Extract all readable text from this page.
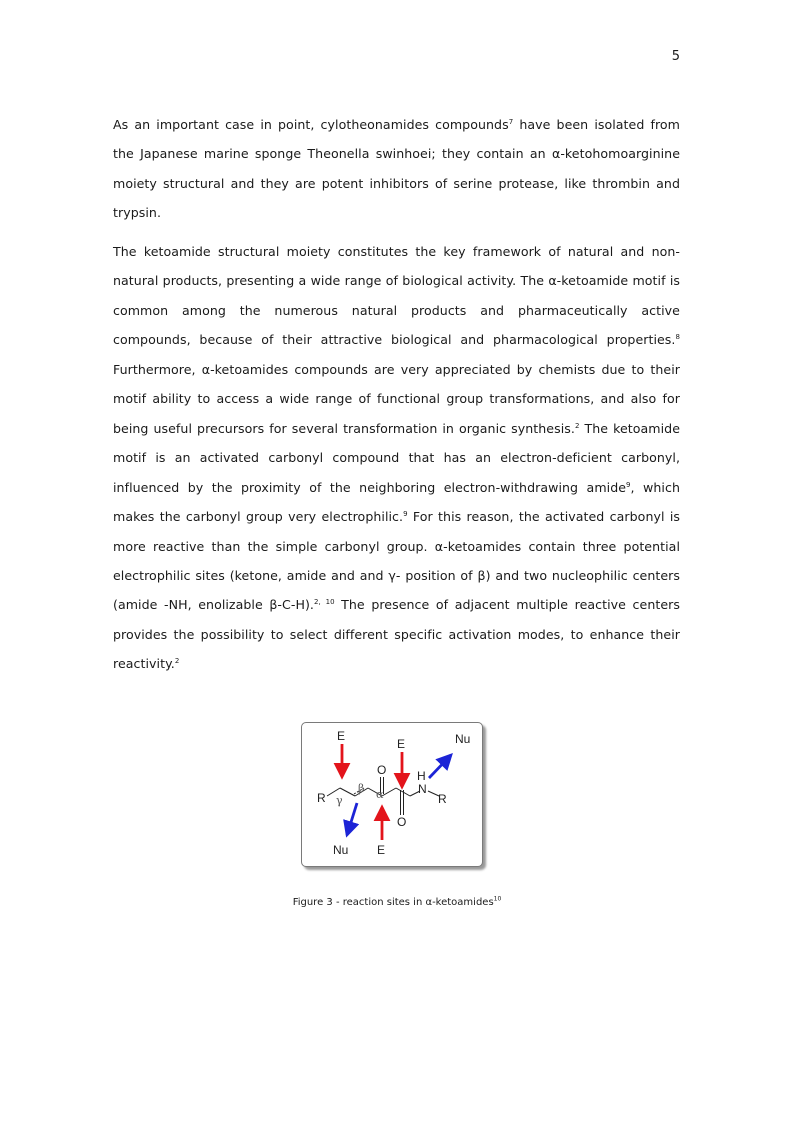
5

As an important case in point, cylotheonamides compounds$^7$ have been isolated from the Japanese marine sponge Theonella swinhoei; they contain an α-ketohomoarginine moiety structural and they are potent inhibitors of serine protease, like thrombin and trypsin.

The ketoamide structural moiety constitutes the key framework of natural and non-natural products, presenting a wide range of biological activity. The α-ketoamide motif is common among the numerous natural products and pharmaceutically active compounds, because of their attractive biological and pharmacological properties.$^8$ Furthermore, α-ketoamides compounds are very appreciated by chemists due to their motif ability to access a wide range of functional group transformations, and also for being useful precursors for several transformation in organic synthesis.$^2$ The ketoamide motif is an activated carbonyl compound that has an electron-deficient carbonyl, influenced by the proximity of the neighboring electron-withdrawing amide$^9$, which makes the carbonyl group very electrophilic.$^9$ For this reason, the activated carbonyl is more reactive than the simple carbonyl group. α-ketoamides contain three potential electrophilic sites (ketone, amide and and γ- position of β) and two nucleophilic centers (amide -NH, enolizable β-C-H).$^{2, 10}$ The presence of adjacent multiple reactive centers provides the possibility to select different specific activation modes, to enhance their reactivity.$^2$

E
E	Nu
O	H
N
R	R
O
Nu E
γ
β α
Figure 3 - reaction sites in α-ketoamides$^{10}$
